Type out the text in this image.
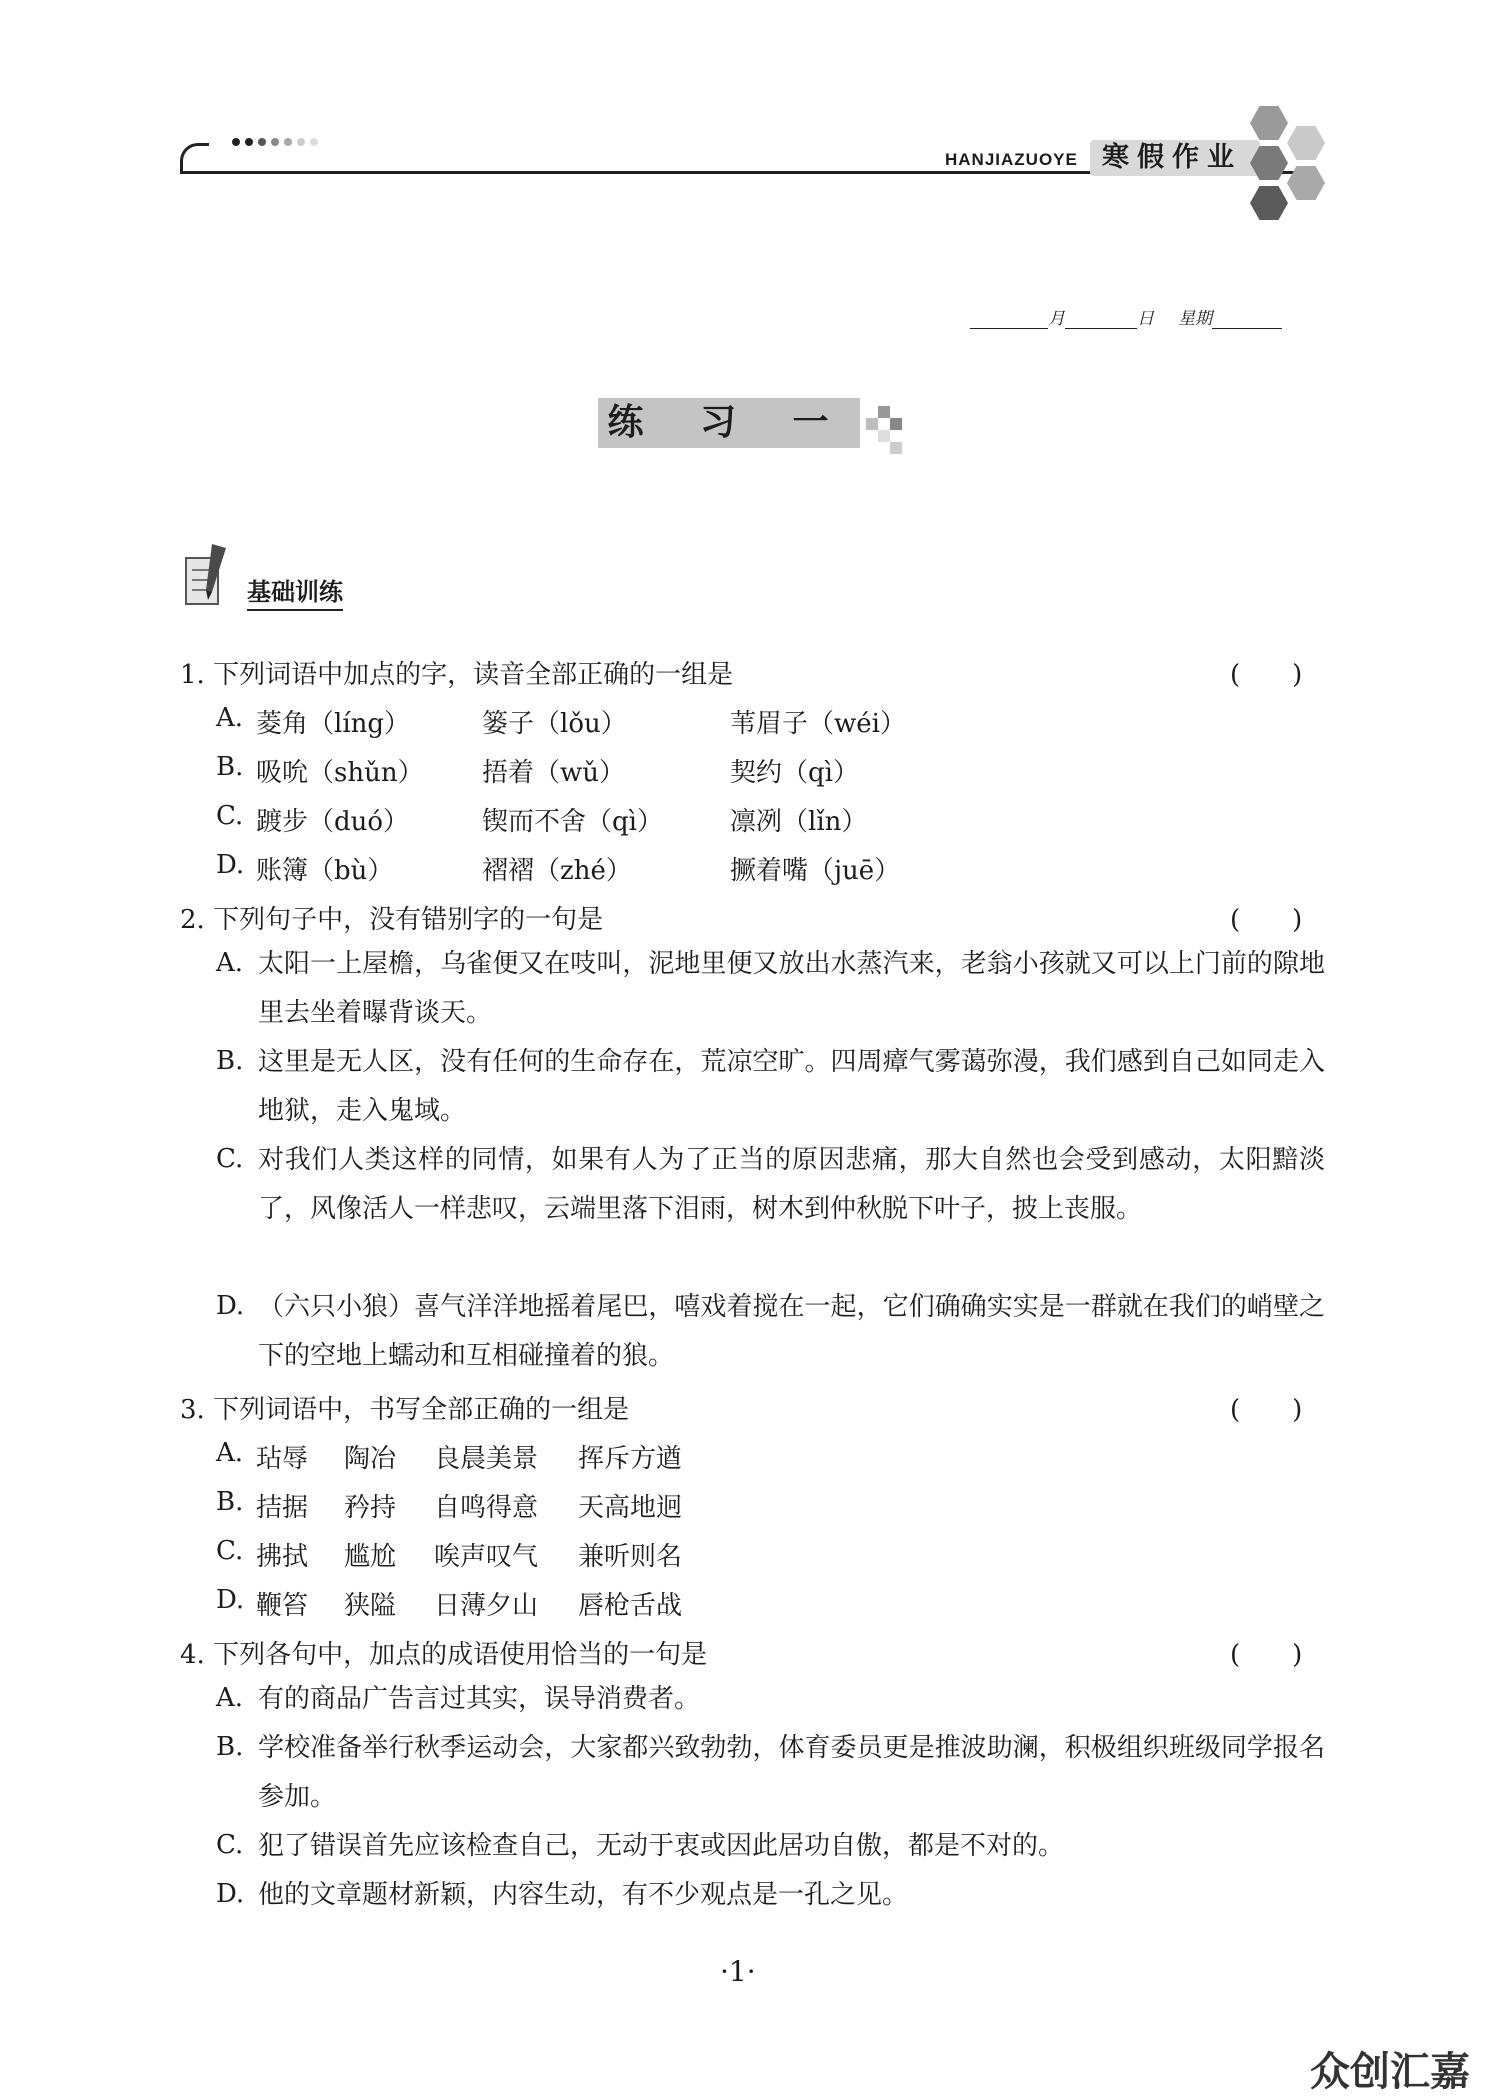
HANJIAZUOYE 寒假作业
月	日 星期
练 习 一
基础训练
1. 下列词语中加点的字，读音全部正确的一组是	(　　)
A. 菱角（líng）	篓子（lǒu）	苇眉子（wéi）
B. 吸吮（shǔn） 捂着（wǔ）	契约（qì）
C. 踱步（duó）	锲而不舍（qì）	凛冽（lǐn）
D. 账簿（bù）	褶褶（zhé）	撅着嘴（juē）
2. 下列句子中，没有错别字的一句是	(　　)
A. 太阳一上屋檐，乌雀便又在吱叫，泥地里便又放出水蒸汽来，老翁小孩就又可以上门前的隙地里去坐着曝背谈天。
B. 这里是无人区，没有任何的生命存在，荒凉空旷。四周瘴气雾蔼弥漫，我们感到自己如同走入地狱，走入鬼域。
C. 对我们人类这样的同情，如果有人为了正当的原因悲痛，那大自然也会受到感动，太阳黯淡了，风像活人一样悲叹，云端里落下泪雨，树木到仲秋脱下叶子，披上丧服。
D. （六只小狼）喜气洋洋地摇着尾巴，嘻戏着搅在一起，它们确确实实是一群就在我们的峭壁之下的空地上蠕动和互相碰撞着的狼。
3. 下列词语中，书写全部正确的一组是	(　　)
A. 玷辱 陶冶 良晨美景 挥斥方遒
B. 拮据 矜持 自鸣得意 天高地迥
C. 拂拭 尴尬 唉声叹气 兼听则名
D. 鞭笞 狭隘 日薄夕山 唇枪舌战
4. 下列各句中，加点的成语使用恰当的一句是	(　　)
A. 有的商品广告言过其实，误导消费者。
B. 学校准备举行秋季运动会，大家都兴致勃勃，体育委员更是推波助澜，积极组织班级同学报名参加。
C. 犯了错误首先应该检查自己，无动于衷或因此居功自傲，都是不对的。
D. 他的文章题材新颖，内容生动，有不少观点是一孔之见。
·1·
众创汇嘉
